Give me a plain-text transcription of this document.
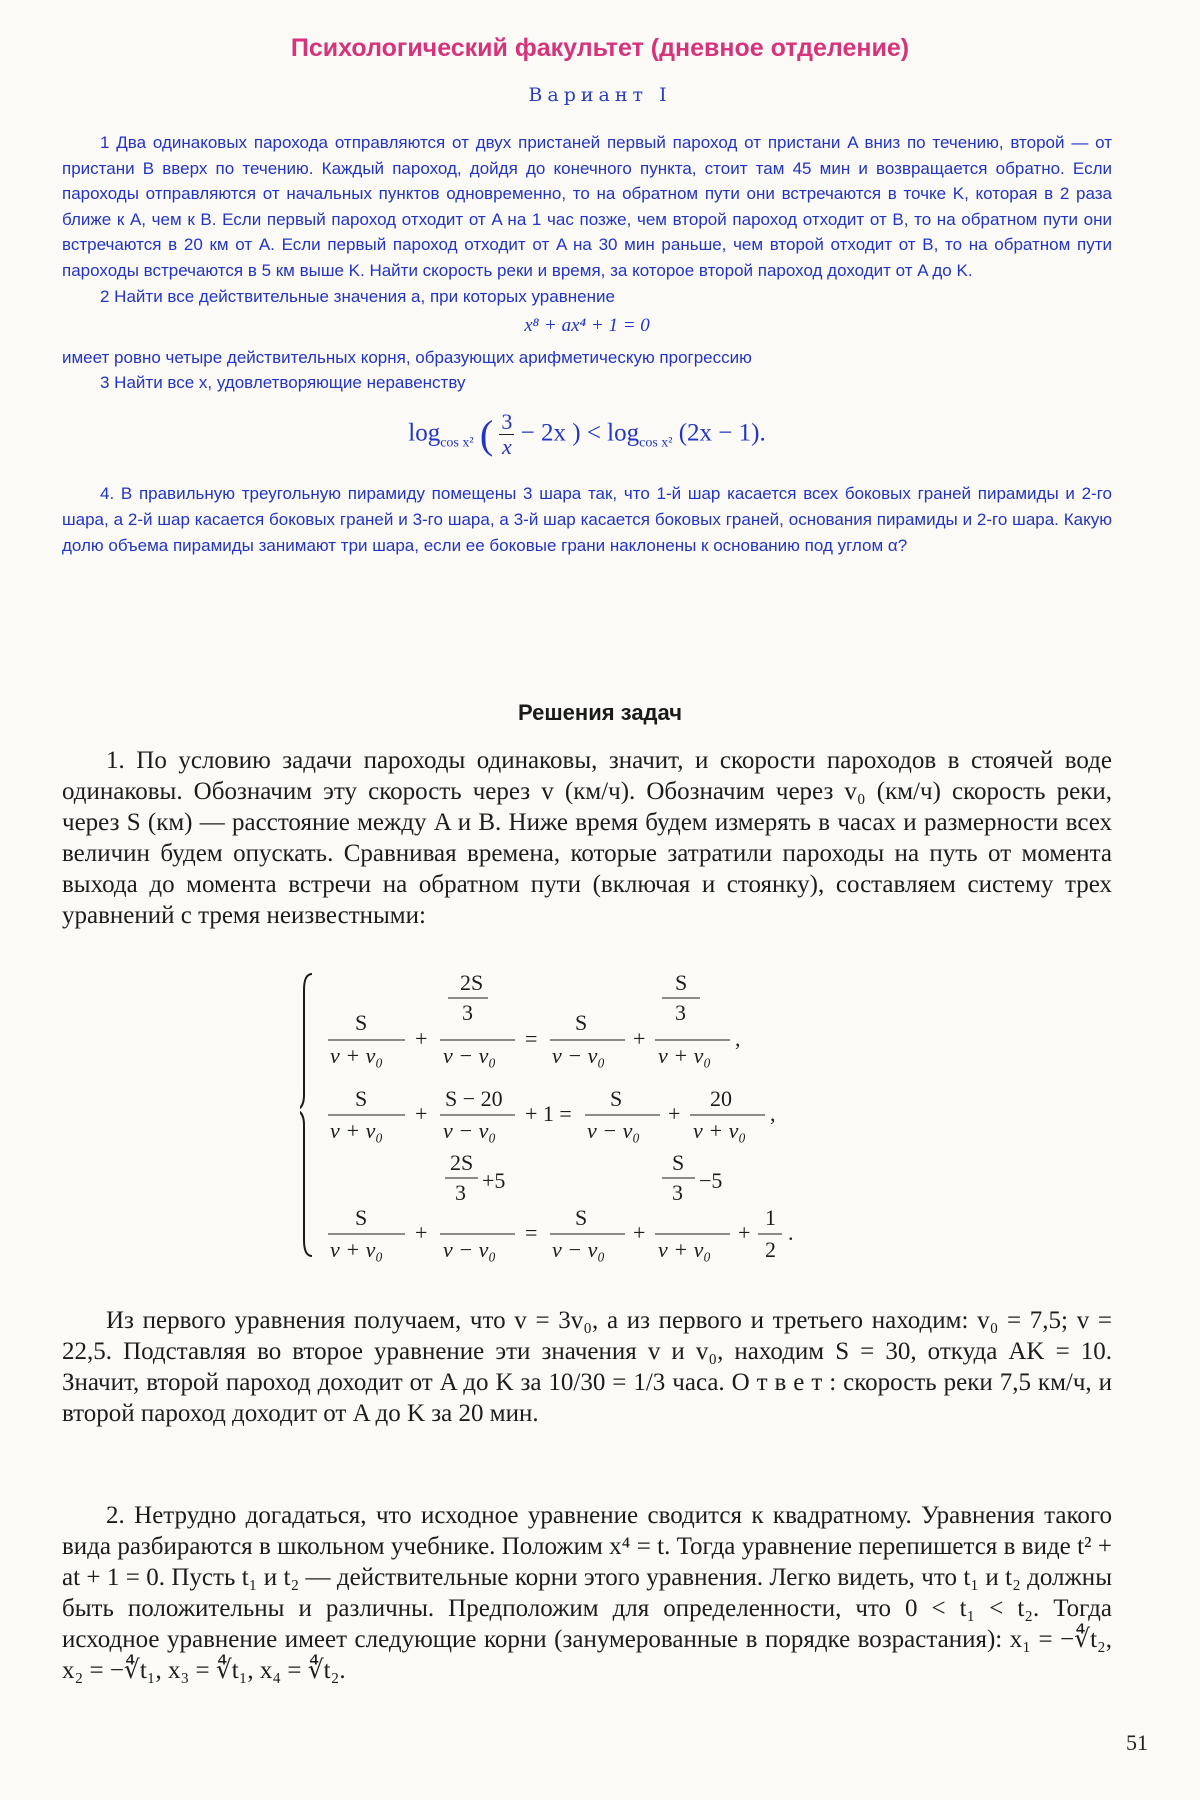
Психологический факультет (дневное отделение)
Вариант I

1 Два одинаковых парохода отправляются от двух пристаней первый пароход от пристани A вниз по течению, второй — от пристани B вверх по течению. Каждый пароход, дойдя до конечного пункта, стоит там 45 мин и возвращается обратно. Если пароходы отправляются от начальных пунктов одновременно, то на обратном пути они встречаются в точке K, которая в 2 раза ближе к A, чем к B. Если первый пароход отходит от A на 1 час позже, чем второй пароход отходит от B, то на обратном пути они встречаются в 20 км от A. Если первый пароход отходит от A на 30 мин раньше, чем второй отходит от B, то на обратном пути пароходы встречаются в 5 км выше K. Найти скорость реки и время, за которое второй пароход доходит от A до K.

2 Найти все действительные значения a, при которых уравнение

x⁸ + ax⁴ + 1 = 0

имеет ровно четыре действительных корня, образующих арифметическую прогрессию

3 Найти все x, удовлетворяющие неравенству

$\log_{cos x^2}$ ( $\frac{3}{x} - 2x$ ) < $\log_{cos x^2} (2x - 1)$.

4. В правильную треугольную пирамиду помещены 3 шара так, что 1-й шар касается всех боковых граней пирамиды и 2-го шара, а 2-й шар касается боковых граней и 3-го шара, а 3-й шар касается боковых граней, основания пирамиды и 2-го шара. Какую долю объема пирамиды занимают три шара, если ее боковые грани наклонены к основанию под углом α?

Решения задач

1. По условию задачи пароходы одинаковы, значит, и скорости пароходов в стоячей воде одинаковы. Обозначим эту скорость через v (км/ч). Обозначим через v₀ (км/ч) скорость реки, через S (км) — расстояние между A и B. Ниже время будем измерять в часах и размерности всех величин будем опускать. Сравнивая времена, которые затратили пароходы на путь от момента выхода до момента встречи на обратном пути (включая и стоянку), составляем систему трех уравнений с тремя неизвестными:

S
v + v₀
+
2S
3
v − v₀
=
S
v − v₀
+
S
3
v + v₀
,
S
v + v₀
+
S − 20
v − v₀
+ 1 =
S
v − v₀
+
20
v + v₀
,
S
v + v₀
+
2S
3 +5
v − v₀
=
S
v − v₀
+
S
3 −5
v + v₀
+
1
2
.

Из первого уравнения получаем, что v = 3v₀, а из первого и третьего находим: v₀ = 7,5; v = 22,5. Подставляя во второе уравнение эти значения v и v₀, находим S = 30, откуда AK = 10. Значит, второй пароход доходит от A до K за 10/30 = 1/3 часа. О т в е т : скорость реки 7,5 км/ч, и второй пароход доходит от A до K за 20 мин.

2. Нетрудно догадаться, что исходное уравнение сводится к квадратному. Уравнения такого вида разбираются в школьном учебнике. Положим x⁴ = t. Тогда уравнение перепишется в виде t² + at + 1 = 0. Пусть t₁ и t₂ — действительные корни этого уравнения. Легко видеть, что t₁ и t₂ должны быть положительны и различны. Предположим для определенности, что 0 < t₁ < t₂. Тогда исходное уравнение имеет следующие корни (занумерованные в порядке возрастания): x₁ = −∜t₂, x₂ = −∜t₁, x₃ = ∜t₁, x₄ = ∜t₂.

51
